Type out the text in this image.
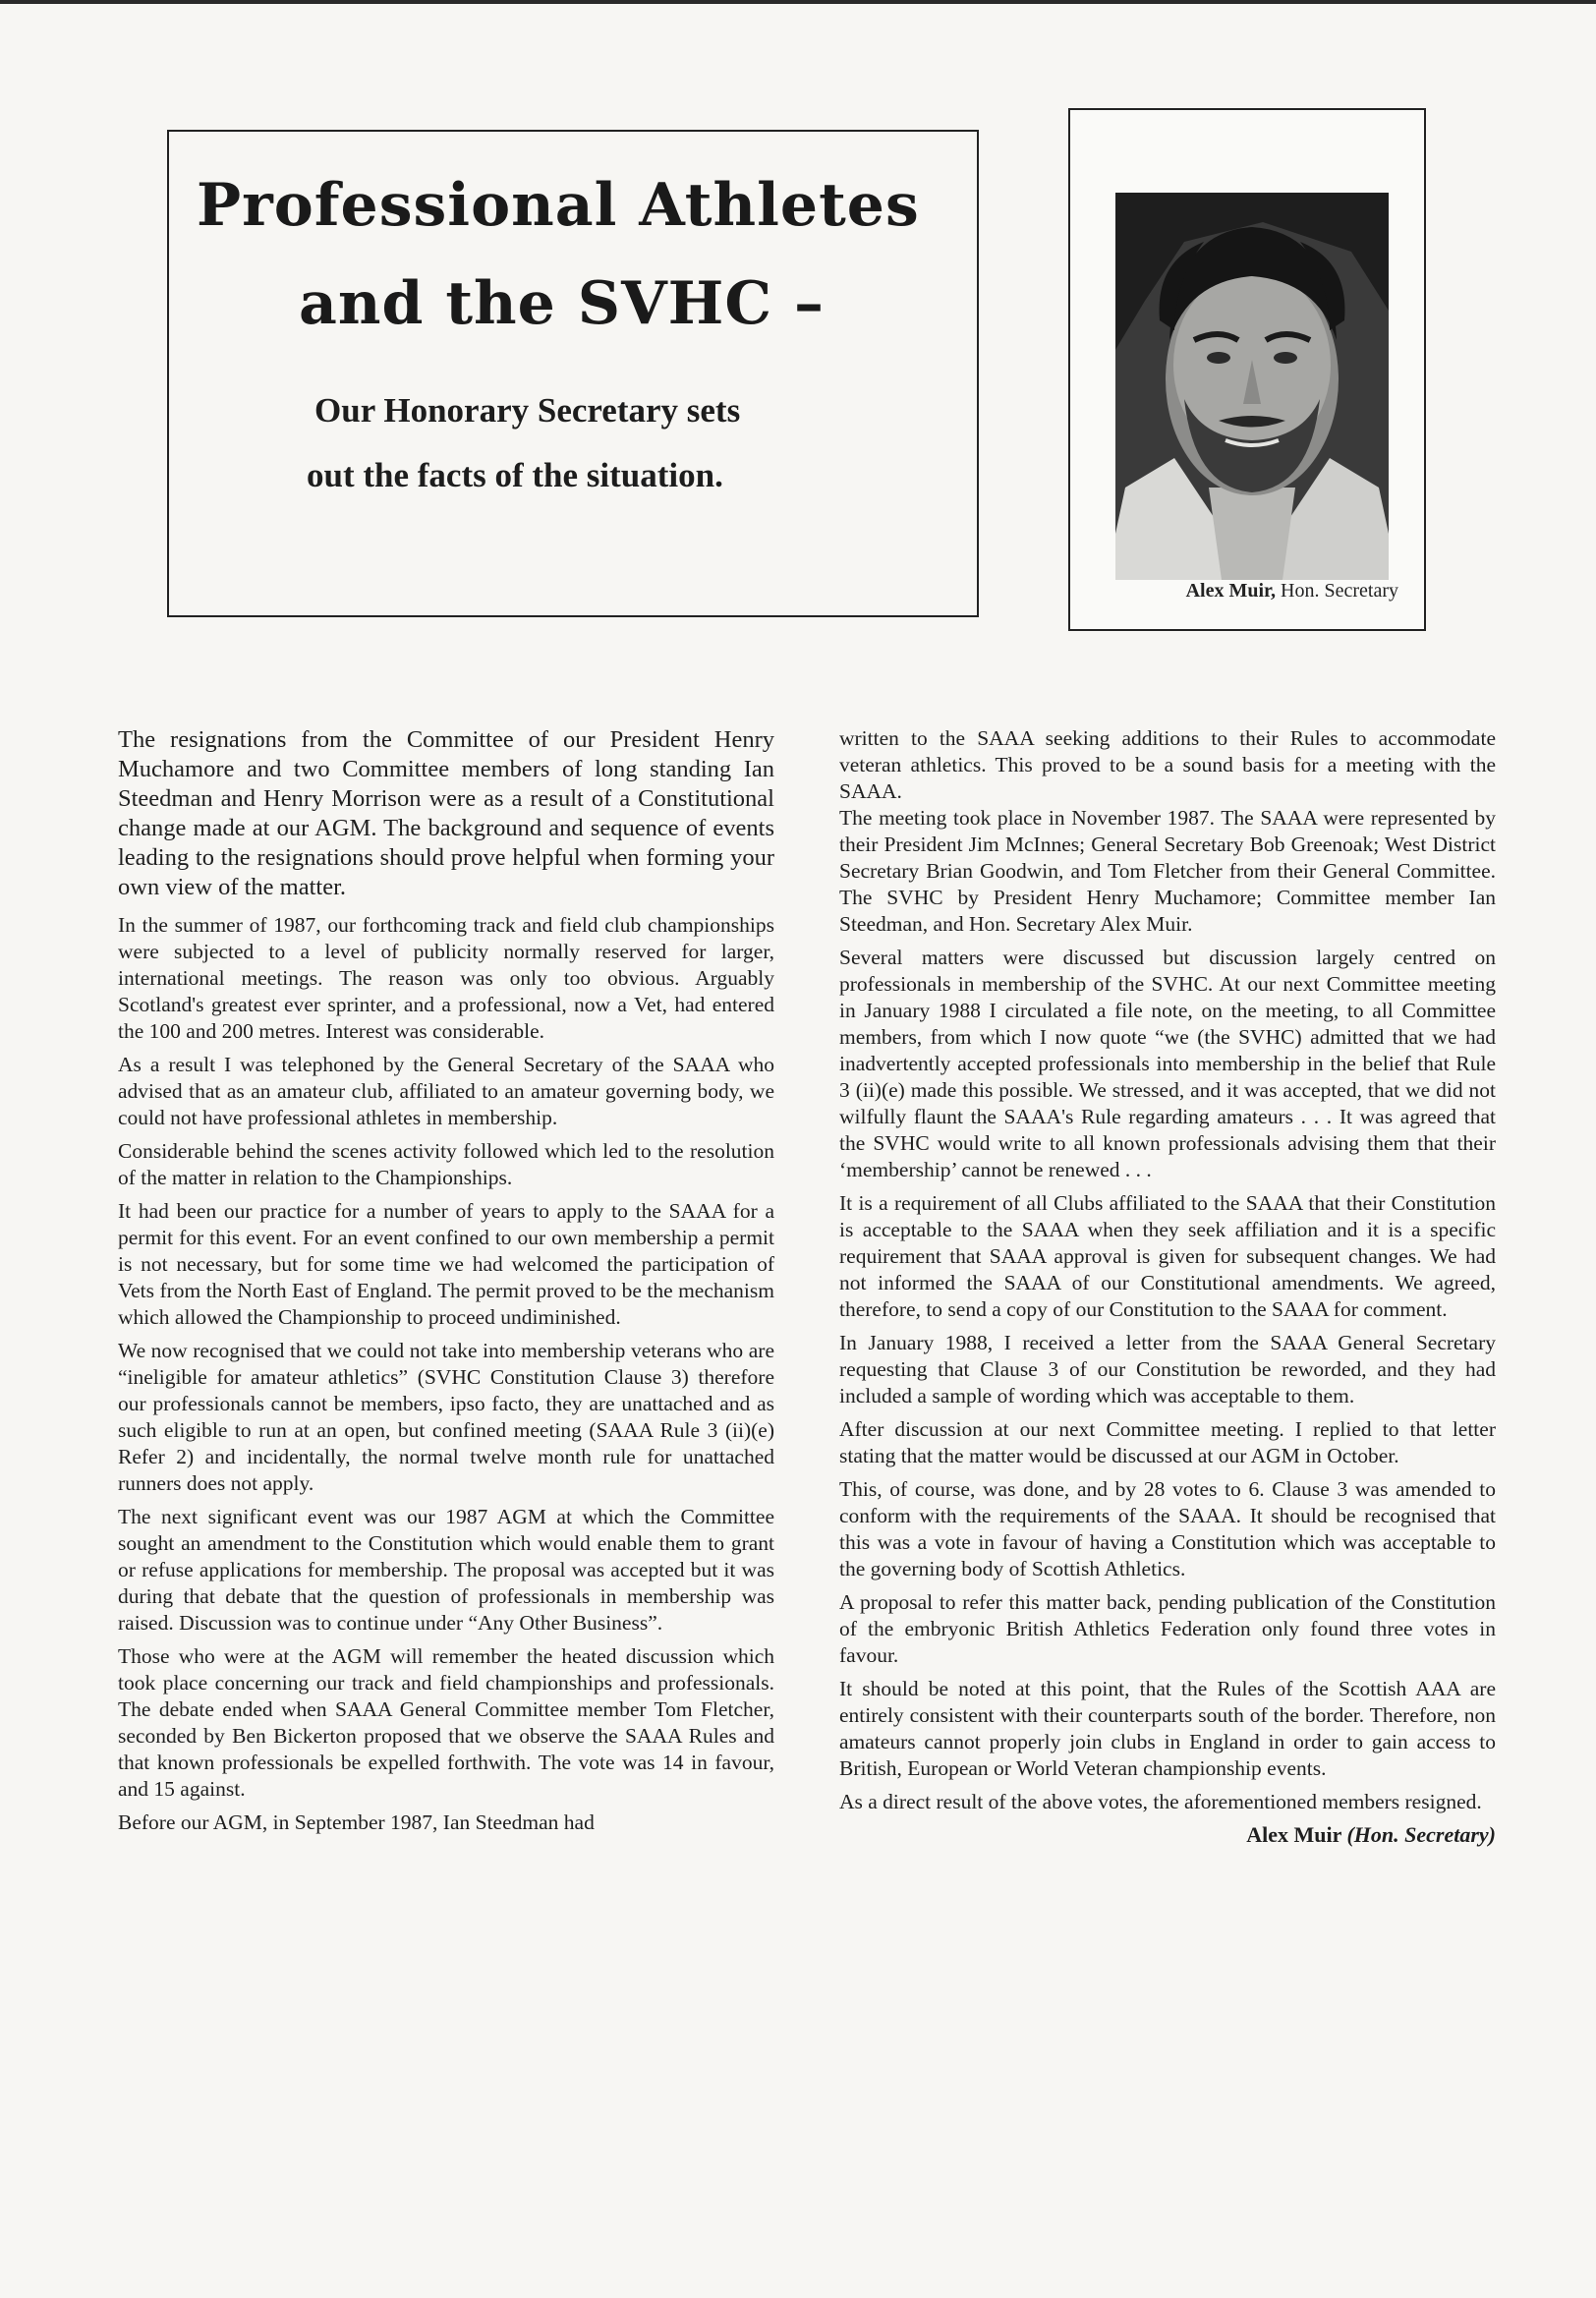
Professional Athletes
and the SVHC –
Our Honorary Secretary sets
out the facts of the situation.
Alex Muir, Hon. Secretary

The resignations from the Committee of our President Henry Muchamore and two Committee members of long standing Ian Steedman and Henry Morrison were as a result of a Constitutional change made at our AGM. The background and sequence of events leading to the resignations should prove helpful when forming your own view of the matter.

In the summer of 1987, our forthcoming track and field club championships were subjected to a level of publicity normally reserved for larger, international meetings. The reason was only too obvious. Arguably Scotland's greatest ever sprinter, and a professional, now a Vet, had entered the 100 and 200 metres. Interest was considerable.

As a result I was telephoned by the General Secretary of the SAAA who advised that as an amateur club, affiliated to an amateur governing body, we could not have professional athletes in membership.

Considerable behind the scenes activity followed which led to the resolution of the matter in relation to the Championships.

It had been our practice for a number of years to apply to the SAAA for a permit for this event. For an event confined to our own membership a permit is not necessary, but for some time we had welcomed the participation of Vets from the North East of England. The permit proved to be the mechanism which allowed the Championship to proceed undiminished.

We now recognised that we could not take into membership veterans who are “ineligible for amateur athletics” (SVHC Constitution Clause 3) therefore our professionals cannot be members, ipso facto, they are unattached and as such eligible to run at an open, but confined meeting (SAAA Rule 3 (ii)(e) Refer 2) and incidentally, the normal twelve month rule for unattached runners does not apply.

The next significant event was our 1987 AGM at which the Committee sought an amendment to the Constitution which would enable them to grant or refuse applications for membership. The proposal was accepted but it was during that debate that the question of professionals in membership was raised. Discussion was to continue under “Any Other Business”.

Those who were at the AGM will remember the heated discussion which took place concerning our track and field championships and professionals. The debate ended when SAAA General Committee member Tom Fletcher, seconded by Ben Bickerton proposed that we observe the SAAA Rules and that known professionals be expelled forthwith. The vote was 14 in favour, and 15 against.

Before our AGM, in September 1987, Ian Steedman had

written to the SAAA seeking additions to their Rules to accommodate veteran athletics. This proved to be a sound basis for a meeting with the SAAA.

The meeting took place in November 1987. The SAAA were represented by their President Jim McInnes; General Secretary Bob Greenoak; West District Secretary Brian Goodwin, and Tom Fletcher from their General Committee. The SVHC by President Henry Muchamore; Committee member Ian Steedman, and Hon. Secretary Alex Muir.

Several matters were discussed but discussion largely centred on professionals in membership of the SVHC. At our next Committee meeting in January 1988 I circulated a file note, on the meeting, to all Committee members, from which I now quote “we (the SVHC) admitted that we had inadvertently accepted professionals into membership in the belief that Rule 3 (ii)(e) made this possible. We stressed, and it was accepted, that we did not wilfully flaunt the SAAA's Rule regarding amateurs . . . It was agreed that the SVHC would write to all known professionals advising them that their ‘membership’ cannot be renewed . . .

It is a requirement of all Clubs affiliated to the SAAA that their Constitution is acceptable to the SAAA when they seek affiliation and it is a specific requirement that SAAA approval is given for subsequent changes. We had not informed the SAAA of our Constitutional amendments. We agreed, therefore, to send a copy of our Constitution to the SAAA for comment.

In January 1988, I received a letter from the SAAA General Secretary requesting that Clause 3 of our Constitution be reworded, and they had included a sample of wording which was acceptable to them.

After discussion at our next Committee meeting. I replied to that letter stating that the matter would be discussed at our AGM in October.

This, of course, was done, and by 28 votes to 6. Clause 3 was amended to conform with the requirements of the SAAA. It should be recognised that this was a vote in favour of having a Constitution which was acceptable to the governing body of Scottish Athletics.

A proposal to refer this matter back, pending publication of the Constitution of the embryonic British Athletics Federation only found three votes in favour.

It should be noted at this point, that the Rules of the Scottish AAA are entirely consistent with their counterparts south of the border. Therefore, non amateurs cannot properly join clubs in England in order to gain access to British, European or World Veteran championship events.

As a direct result of the above votes, the aforementioned members resigned.

Alex Muir (Hon. Secretary)
